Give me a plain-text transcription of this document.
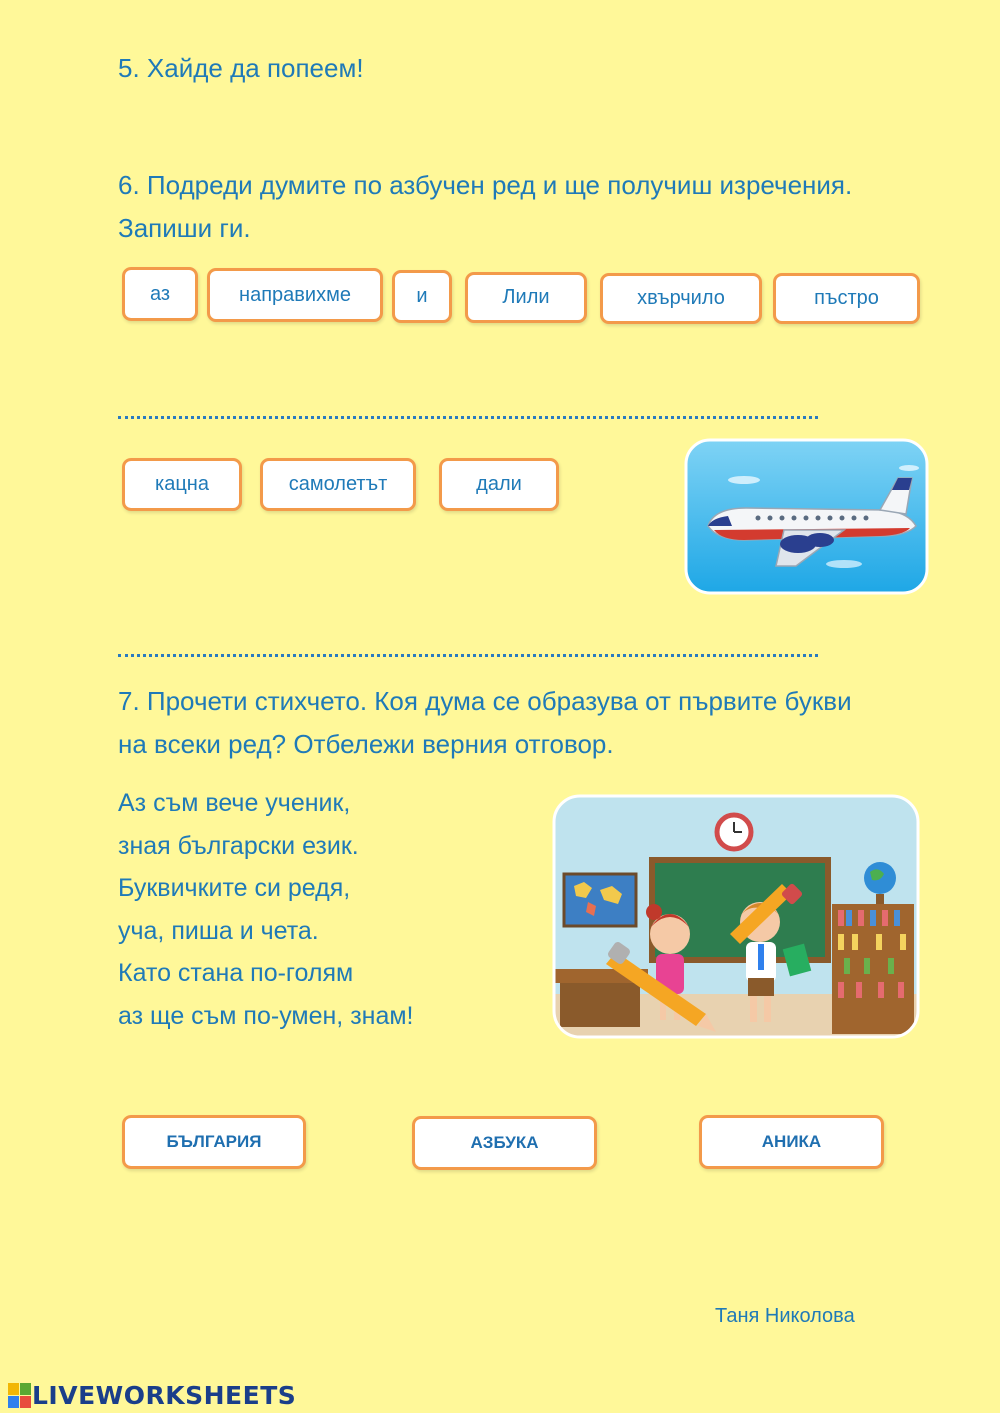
5. Хайде да попеем!
6. Подреди думите по азбучен ред и ще получиш изречения.
Запиши ги.
аз	направихме	и	Лили	хвърчило	пъстро
кацна	самолетът	дали
7. Прочети стихчето. Коя дума се образува от първите букви
на всеки ред? Отбележи верния отговор.
Аз съм вече ученик,
зная български език.
Буквичките си редя,
уча, пиша и чета.
Като стана по-голям
аз ще съм по-умен, знам!
БЪЛГАРИЯ	АЗБУКА	АНИКА
Таня Николова
LIVEWORKSHEETS
